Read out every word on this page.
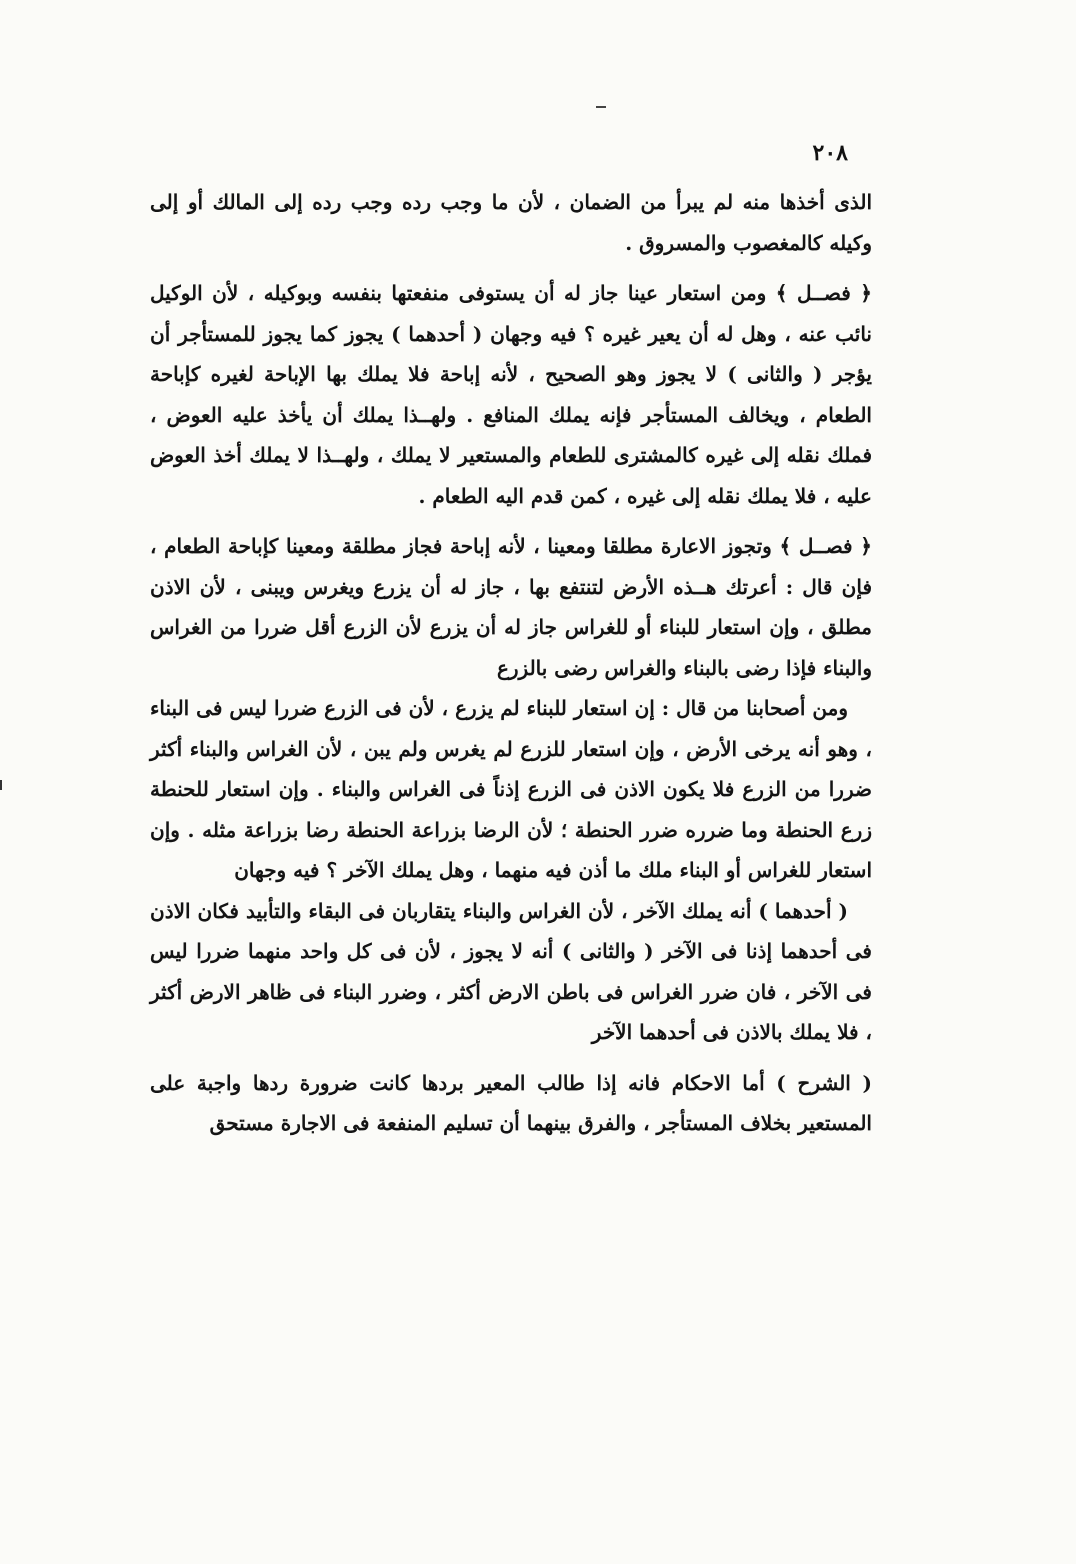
٢٠٨

الذى أخذها منه لم يبرأ من الضمان ، لأن ما وجب رده وجب رده إلى المالك أو إلى وكيله كالمغصوب والمسروق .

﴿ فصــل ﴾ ومن استعار عينا جاز له أن يستوفى منفعتها بنفسه وبوكيله ، لأن الوكيل نائب عنه ، وهل له أن يعير غيره ؟ فيه وجهان ( أحدهما ) يجوز كما يجوز للمستأجر أن يؤجر ( والثانى ) لا يجوز وهو الصحيح ، لأنه إباحة فلا يملك بها الإباحة لغيره كإباحة الطعام ، ويخالف المستأجر فإنه يملك المنافع . ولهــذا يملك أن يأخذ عليه العوض ، فملك نقله إلى غيره كالمشترى للطعام والمستعير لا يملك ، ولهــذا لا يملك أخذ العوض عليه ، فلا يملك نقله إلى غيره ، كمن قدم اليه الطعام .

﴿ فصــل ﴾ وتجوز الاعارة مطلقا ومعينا ، لأنه إباحة فجاز مطلقة ومعينا كإباحة الطعام ، فإن قال : أعرتك هــذه الأرض لتنتفع بها ، جاز له أن يزرع ويغرس ويبنى ، لأن الاذن مطلق ، وإن استعار للبناء أو للغراس جاز له أن يزرع لأن الزرع أقل ضررا من الغراس والبناء فإذا رضى بالبناء والغراس رضى بالزرع

ومن أصحابنا من قال : إن استعار للبناء لم يزرع ، لأن فى الزرع ضررا ليس فى البناء ، وهو أنه يرخى الأرض ، وإن استعار للزرع لم يغرس ولم يبن ، لأن الغراس والبناء أكثر ضررا من الزرع فلا يكون الاذن فى الزرع إذناً فى الغراس والبناء . وإن استعار للحنطة زرع الحنطة وما ضرره ضرر الحنطة ؛ لأن الرضا بزراعة الحنطة رضا بزراعة مثله . وإن استعار للغراس أو البناء ملك ما أذن فيه منهما ، وهل يملك الآخر ؟ فيه وجهان

( أحدهما ) أنه يملك الآخر ، لأن الغراس والبناء يتقاربان فى البقاء والتأبيد فكان الاذن فى أحدهما إذنا فى الآخر ( والثانى ) أنه لا يجوز ، لأن فى كل واحد منهما ضررا ليس فى الآخر ، فان ضرر الغراس فى باطن الارض أكثر ، وضرر البناء فى ظاهر الارض أكثر ، فلا يملك بالاذن فى أحدهما الآخر

( الشرح ) أما الاحكام فانه إذا طالب المعير بردها كانت ضرورة ردها واجبة على المستعير بخلاف المستأجر ، والفرق بينهما أن تسليم المنفعة فى الاجارة مستحق
